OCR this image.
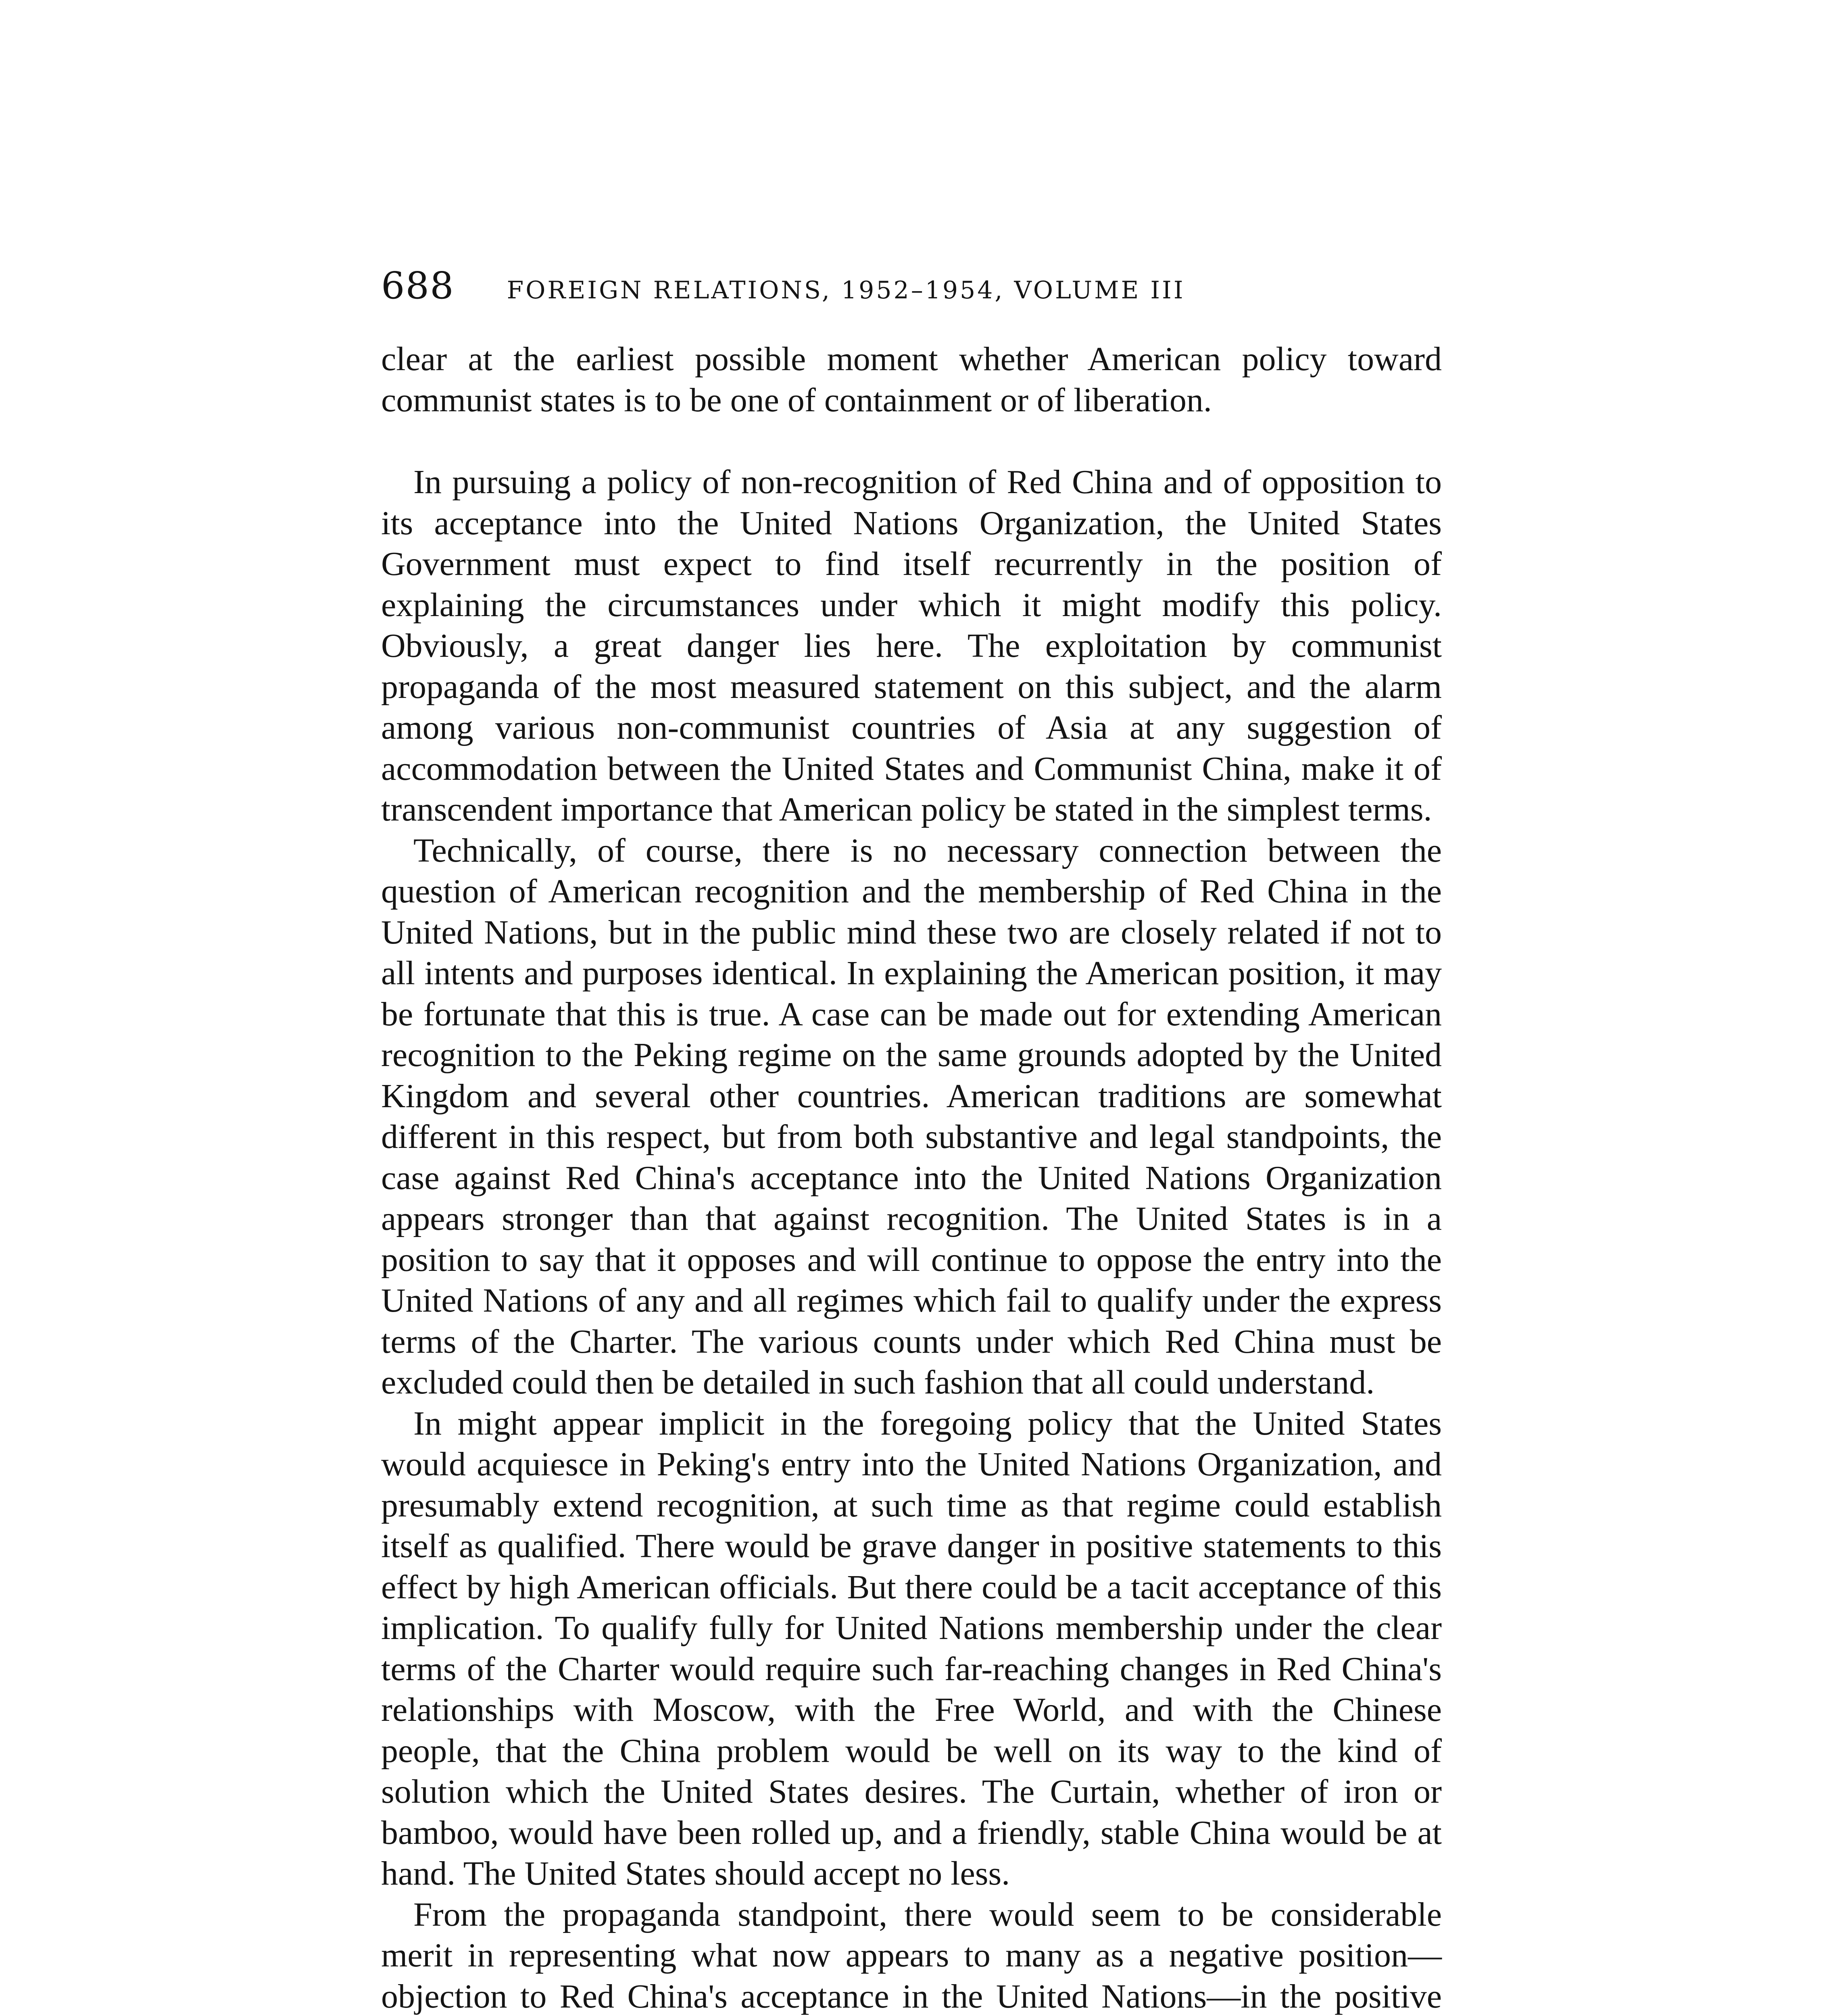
688 FOREIGN RELATIONS, 1952–1954, VOLUME III

clear at the earliest possible moment whether American policy toward communist states is to be one of containment or of liberation.

In pursuing a policy of non-recognition of Red China and of opposition to its acceptance into the United Nations Organization, the United States Government must expect to find itself recurrently in the position of explaining the circumstances under which it might modify this policy. Obviously, a great danger lies here. The exploitation by communist propaganda of the most measured statement on this subject, and the alarm among various non-communist countries of Asia at any suggestion of accommodation between the United States and Communist China, make it of transcendent importance that American policy be stated in the simplest terms.

Technically, of course, there is no necessary connection between the question of American recognition and the membership of Red China in the United Nations, but in the public mind these two are closely related if not to all intents and purposes identical. In explaining the American position, it may be fortunate that this is true. A case can be made out for extending American recognition to the Peking regime on the same grounds adopted by the United Kingdom and several other countries. American traditions are somewhat different in this respect, but from both substantive and legal standpoints, the case against Red China's acceptance into the United Nations Organization appears stronger than that against recognition. The United States is in a position to say that it opposes and will continue to oppose the entry into the United Nations of any and all regimes which fail to qualify under the express terms of the Charter. The various counts under which Red China must be excluded could then be detailed in such fashion that all could understand.

In might appear implicit in the foregoing policy that the United States would acquiesce in Peking's entry into the United Nations Organization, and presumably extend recognition, at such time as that regime could establish itself as qualified. There would be grave danger in positive statements to this effect by high American officials. But there could be a tacit acceptance of this implication. To qualify fully for United Nations membership under the clear terms of the Charter would require such far-reaching changes in Red China's relationships with Moscow, with the Free World, and with the Chinese people, that the China problem would be well on its way to the kind of solution which the United States desires. The Curtain, whether of iron or bamboo, would have been rolled up, and a friendly, stable China would be at hand. The United States should accept no less.

From the propaganda standpoint, there would seem to be considerable merit in representing what now appears to many as a negative position—objection to Red China's acceptance in the United Nations—in the positive
